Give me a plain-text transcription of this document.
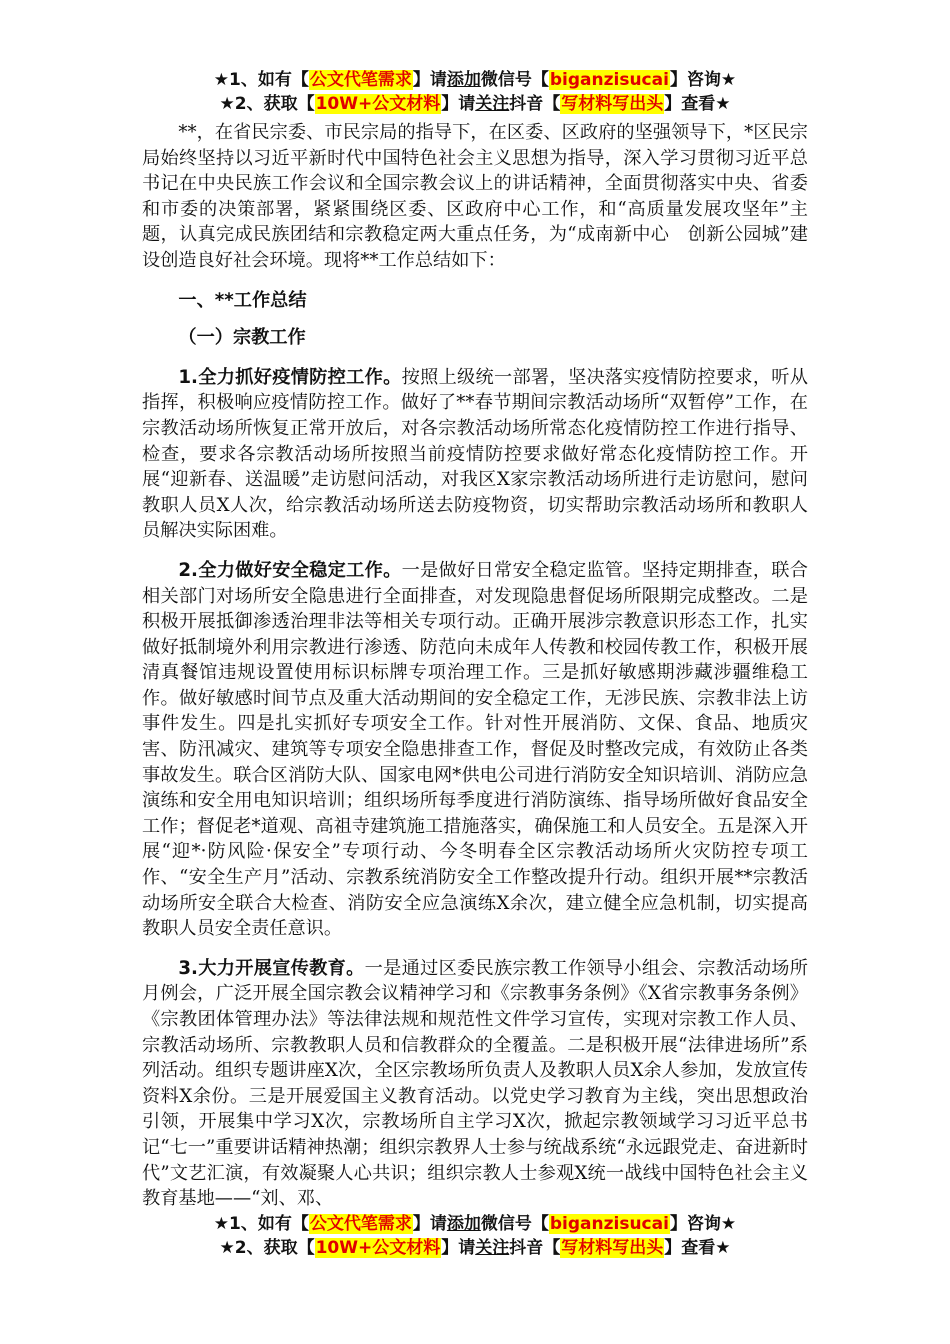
★1、如有【公文代笔需求】请添加微信号【biganzisucai】咨询★
★2、获取【10W+公文材料】请关注抖音【写材料写出头】查看★

**，在省民宗委、市民宗局的指导下，在区委、区政府的坚强领导下，*区民宗局始终坚持以习近平新时代中国特色社会主义思想为指导，深入学习贯彻习近平总书记在中央民族工作会议和全国宗教会议上的讲话精神，全面贯彻落实中央、省委和市委的决策部署，紧紧围绕区委、区政府中心工作，和“高质量发展攻坚年”主题，认真完成民族团结和宗教稳定两大重点任务，为“成南新中心　创新公园城”建设创造良好社会环境。现将**工作总结如下：

一、**工作总结

（一）宗教工作

1.全力抓好疫情防控工作。按照上级统一部署，坚决落实疫情防控要求，听从指挥，积极响应疫情防控工作。做好了**春节期间宗教活动场所“双暂停”工作，在宗教活动场所恢复正常开放后，对各宗教活动场所常态化疫情防控工作进行指导、检查，要求各宗教活动场所按照当前疫情防控要求做好常态化疫情防控工作。开展“迎新春、送温暖”走访慰问活动，对我区X家宗教活动场所进行走访慰问，慰问教职人员X人次，给宗教活动场所送去防疫物资，切实帮助宗教活动场所和教职人员解决实际困难。

2.全力做好安全稳定工作。一是做好日常安全稳定监管。坚持定期排查，联合相关部门对场所安全隐患进行全面排查，对发现隐患督促场所限期完成整改。二是积极开展抵御渗透治理非法等相关专项行动。正确开展涉宗教意识形态工作，扎实做好抵制境外利用宗教进行渗透、防范向未成年人传教和校园传教工作，积极开展清真餐馆违规设置使用标识标牌专项治理工作。三是抓好敏感期涉藏涉疆维稳工作。做好敏感时间节点及重大活动期间的安全稳定工作，无涉民族、宗教非法上访事件发生。四是扎实抓好专项安全工作。针对性开展消防、文保、食品、地质灾害、防汛减灾、建筑等专项安全隐患排查工作，督促及时整改完成，有效防止各类事故发生。联合区消防大队、国家电网*供电公司进行消防安全知识培训、消防应急演练和安全用电知识培训；组织场所每季度进行消防演练、指导场所做好食品安全工作；督促老*道观、高祖寺建筑施工措施落实，确保施工和人员安全。五是深入开展“迎*·防风险·保安全”专项行动、今冬明春全区宗教活动场所火灾防控专项工作、“安全生产月”活动、宗教系统消防安全工作整改提升行动。组织开展**宗教活动场所安全联合大检查、消防安全应急演练X余次，建立健全应急机制，切实提高教职人员安全责任意识。

3.大力开展宣传教育。一是通过区委民族宗教工作领导小组会、宗教活动场所月例会，广泛开展全国宗教会议精神学习和《宗教事务条例》《X省宗教事务条例》《宗教团体管理办法》等法律法规和规范性文件学习宣传，实现对宗教工作人员、宗教活动场所、宗教教职人员和信教群众的全覆盖。二是积极开展“法律进场所”系列活动。组织专题讲座X次，全区宗教场所负责人及教职人员X余人参加，发放宣传资料X余份。三是开展爱国主义教育活动。以党史学习教育为主线，突出思想政治引领，开展集中学习X次，宗教场所自主学习X次，掀起宗教领域学习习近平总书记“七一”重要讲话精神热潮；组织宗教界人士参与统战系统“永远跟党走、奋进新时代”文艺汇演，有效凝聚人心共识；组织宗教人士参观X统一战线中国特色社会主义教育基地——“刘、邓、

★1、如有【公文代笔需求】请添加微信号【biganzisucai】咨询★
★2、获取【10W+公文材料】请关注抖音【写材料写出头】查看★
